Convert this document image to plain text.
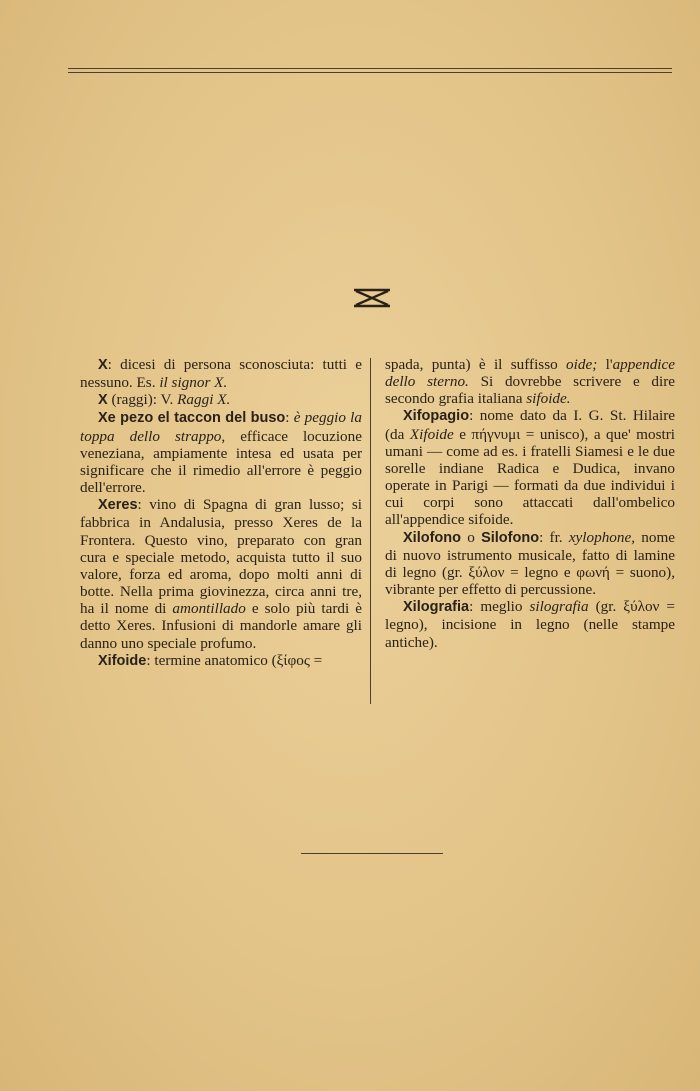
X: dicesi di persona sconosciuta: tutti e nessuno. Es. il signor X.

X (raggi): V. Raggi X.

Xe pezo el taccon del buso: è peggio la toppa dello strappo, efficace locuzione veneziana, ampiamente intesa ed usata per significare che il rimedio all'errore è peggio dell'errore.

Xeres: vino di Spagna di gran lusso; si fabbrica in Andalusia, presso Xeres de la Frontera. Questo vino, preparato con gran cura e speciale metodo, acquista tutto il suo valore, forza ed aroma, dopo molti anni di botte. Nella prima giovinezza, circa anni tre, ha il nome di amontillado e solo più tardi è detto Xeres. Infusioni di mandorle amare gli danno uno speciale profumo.

Xifoide: termine anatomico (ξίφος =

spada, punta) è il suffisso oide; l'appendice dello sterno. Si dovrebbe scrivere e dire secondo grafia italiana sifoide.

Xifopagio: nome dato da I. G. St. Hilaire (da Xifoide e πήγνυμι = unisco), a que' mostri umani — come ad es. i fratelli Siamesi e le due sorelle indiane Radica e Dudica, invano operate in Parigi — formati da due individui i cui corpi sono attaccati dall'ombelico all'appendice sifoide.

Xilofono o Silofono: fr. xylophone, nome di nuovo istrumento musicale, fatto di lamine di legno (gr. ξύλον = legno e φωνή = suono), vibrante per effetto di percussione.

Xilografia: meglio silografia (gr. ξύλον = legno), incisione in legno (nelle stampe antiche).
